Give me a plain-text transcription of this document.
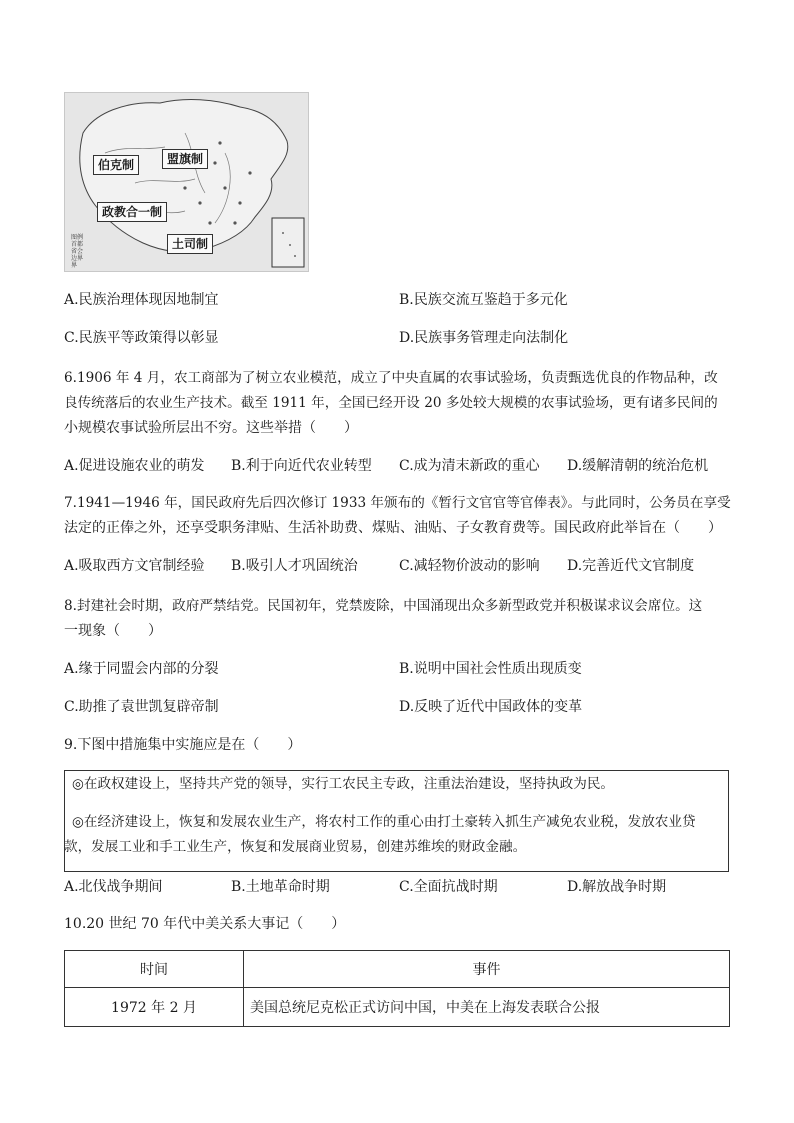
伯克制	盟旗制
政教合一制
土司制
图例
首都
省会
边界
界
A.民族治理体现因地制宜	B.民族交流互鉴趋于多元化
C.民族平等政策得以彰显	D.民族事务管理走向法制化
6.1906 年 4 月，农工商部为了树立农业模范，成立了中央直属的农事试验场，负责甄选优良的作物品种，改
良传统落后的农业生产技术。截至 1911 年，全国已经开设 20 多处较大规模的农事试验场，更有诸多民间的
小规模农事试验所层出不穷。这些举措（　　）
A.促进设施农业的萌发 B.利于向近代农业转型 C.成为清末新政的重心 D.缓解清朝的统治危机
7.1941—1946 年，国民政府先后四次修订 1933 年颁布的《暂行文官官等官俸表》。与此同时，公务员在享受
法定的正俸之外，还享受职务津贴、生活补助费、煤贴、油贴、子女教育费等。国民政府此举旨在（　　）
A.吸取西方文官制经验 B.吸引人才巩固统治	C.减轻物价波动的影响 D.完善近代文官制度
8.封建社会时期，政府严禁结党。民国初年，党禁废除，中国涌现出众多新型政党并积极谋求议会席位。这
一现象（　　）
A.缘于同盟会内部的分裂	B.说明中国社会性质出现质变
C.助推了袁世凯复辟帝制	D.反映了近代中国政体的变革
9.下图中措施集中实施应是在（　　）
◎在政权建设上，坚持共产党的领导，实行工农民主专政，注重法治建设，坚持执政为民。
◎在经济建设上，恢复和发展农业生产，将农村工作的重心由打土豪转入抓生产减免农业税，发放农业贷
款，发展工业和手工业生产，恢复和发展商业贸易，创建苏维埃的财政金融。
A.北伐战争期间	B.土地革命时期	C.全面抗战时期	D.解放战争时期
10.20 世纪 70 年代中美关系大事记（　　）
时间	事件
1972 年 2 月	美国总统尼克松正式访问中国，中美在上海发表联合公报
